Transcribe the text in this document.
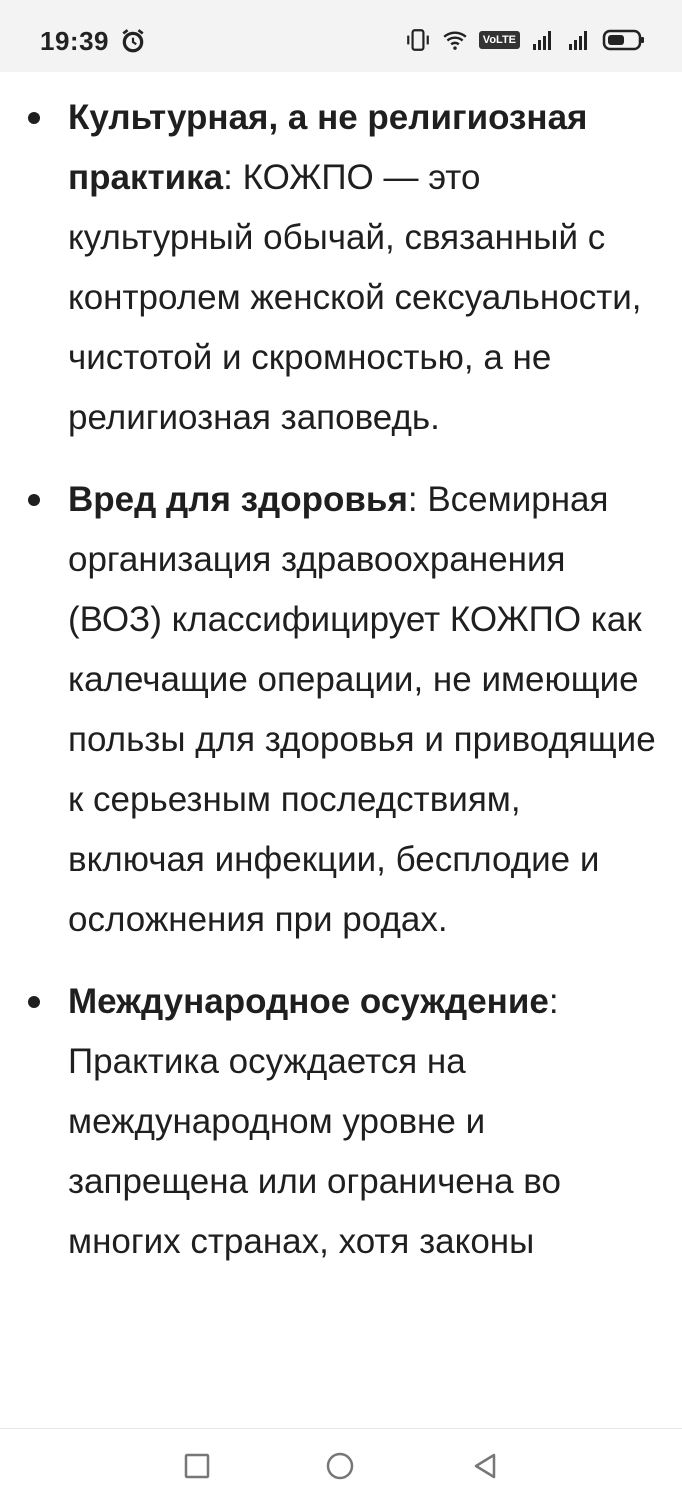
19:39	VoLTE
Культурная, а не религиозная практика: КОЖПО — это культурный обычай, связанный с контролем женской сексуальности, чистотой и скромностью, а не религиозная заповедь.
Вред для здоровья: Всемирная организация здравоохранения (ВОЗ) классифицирует КОЖПО как калечащие операции, не имеющие пользы для здоровья и приводящие к серьезным последствиям, включая инфекции, бесплодие и осложнения при родах.
Международное осуждение: Практика осуждается на международном уровне и запрещена или ограничена во многих странах, хотя законы
